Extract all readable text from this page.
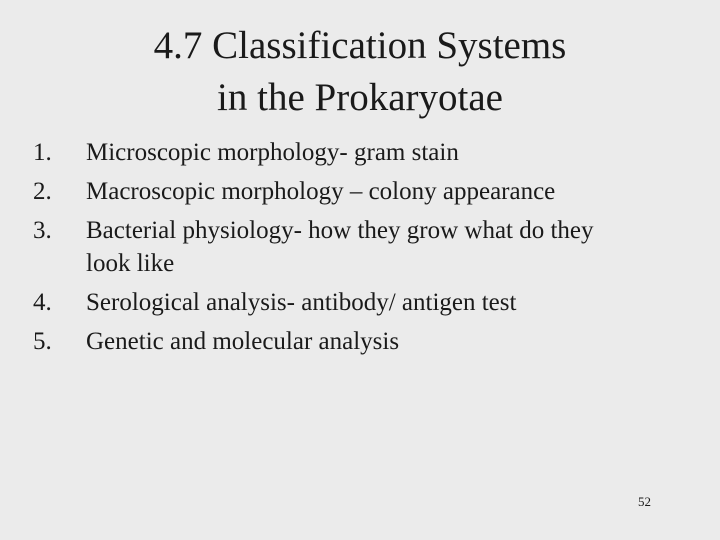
4.7 Classification Systems
in the Prokaryotae
1. Microscopic morphology- gram stain
2. Macroscopic morphology – colony appearance
3. Bacterial physiology- how they grow what do they look like
4. Serological analysis- antibody/ antigen test
5. Genetic and molecular analysis
52
